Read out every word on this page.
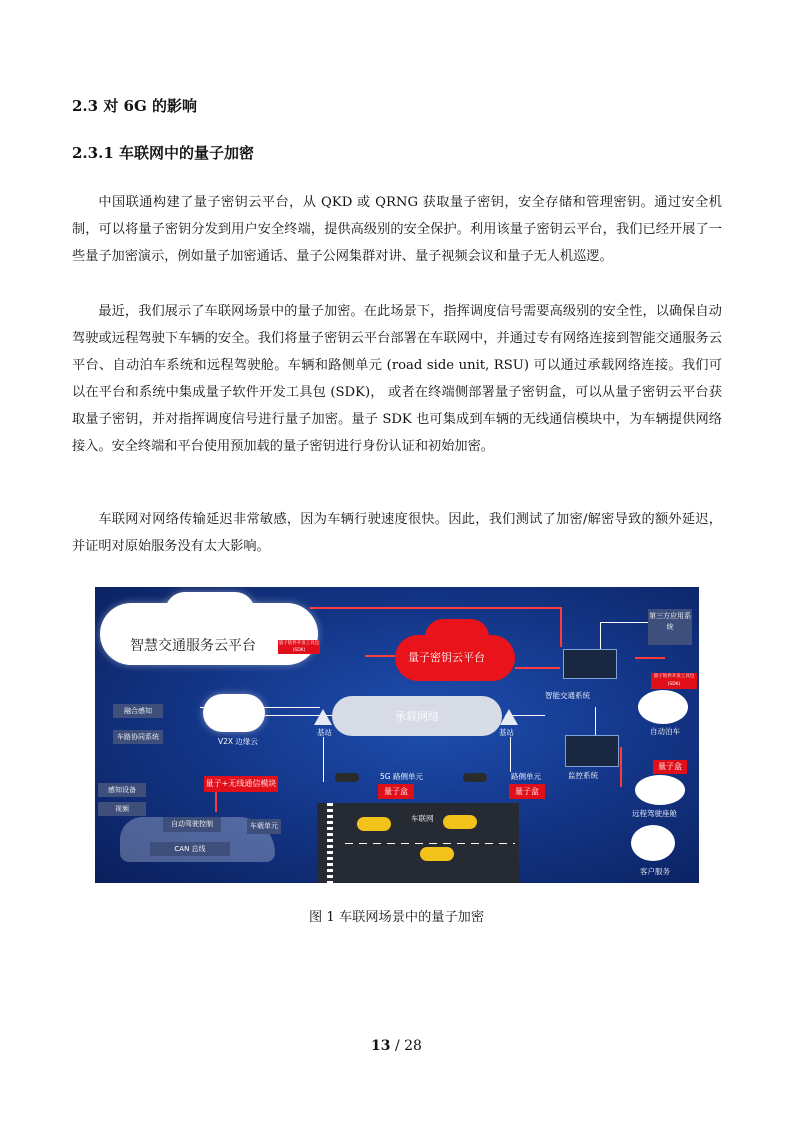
2.3 对 6G 的影响
2.3.1 车联网中的量子加密
中国联通构建了量子密钥云平台，从 QKD 或 QRNG 获取量子密钥，安全存储和管理密钥。通过安全机制，可以将量子密钥分发到用户安全终端，提供高级别的安全保护。利用该量子密钥云平台，我们已经开展了一些量子加密演示，例如量子加密通话、量子公网集群对讲、量子视频会议和量子无人机巡逻。
最近，我们展示了车联网场景中的量子加密。在此场景下，指挥调度信号需要高级别的安全性，以确保自动驾驶或远程驾驶下车辆的安全。我们将量子密钥云平台部署在车联网中，并通过专有网络连接到智能交通服务云平台、自动泊车系统和远程驾驶舱。车辆和路侧单元 (road side unit, RSU) 可以通过承载网络连接。我们可以在平台和系统中集成量子软件开发工具包 (SDK)， 或者在终端侧部署量子密钥盒，可以从量子密钥云平台获取量子密钥，并对指挥调度信号进行量子加密。量子 SDK 也可集成到车辆的无线通信模块中，为车辆提供网络接入。安全终端和平台使用预加载的量子密钥进行身份认证和初始加密。
车联网对网络传输延迟非常敏感，因为车辆行驶速度很快。因此，我们测试了加密/解密导致的额外延迟，并证明对原始服务没有太大影响。
智慧交通服务云平台	量子软件开发工具包(SDK)
量子密钥云平台
第三方应用系统
智能交通系统
量子软件开发工具包(SDK)
自动泊车
承载网络
融合感知
车路协同系统	V2X 边缘云
基站	基站
监控系统
量子盒
远程驾驶座舱
客户服务
量子+无线通信模块
5G 路侧单元
量子盒
路侧单元
量子盒
车联网
感知设备
视频
自动驾驶控制	车载单元
CAN 总线
图 1 车联网场景中的量子加密
13 / 28
